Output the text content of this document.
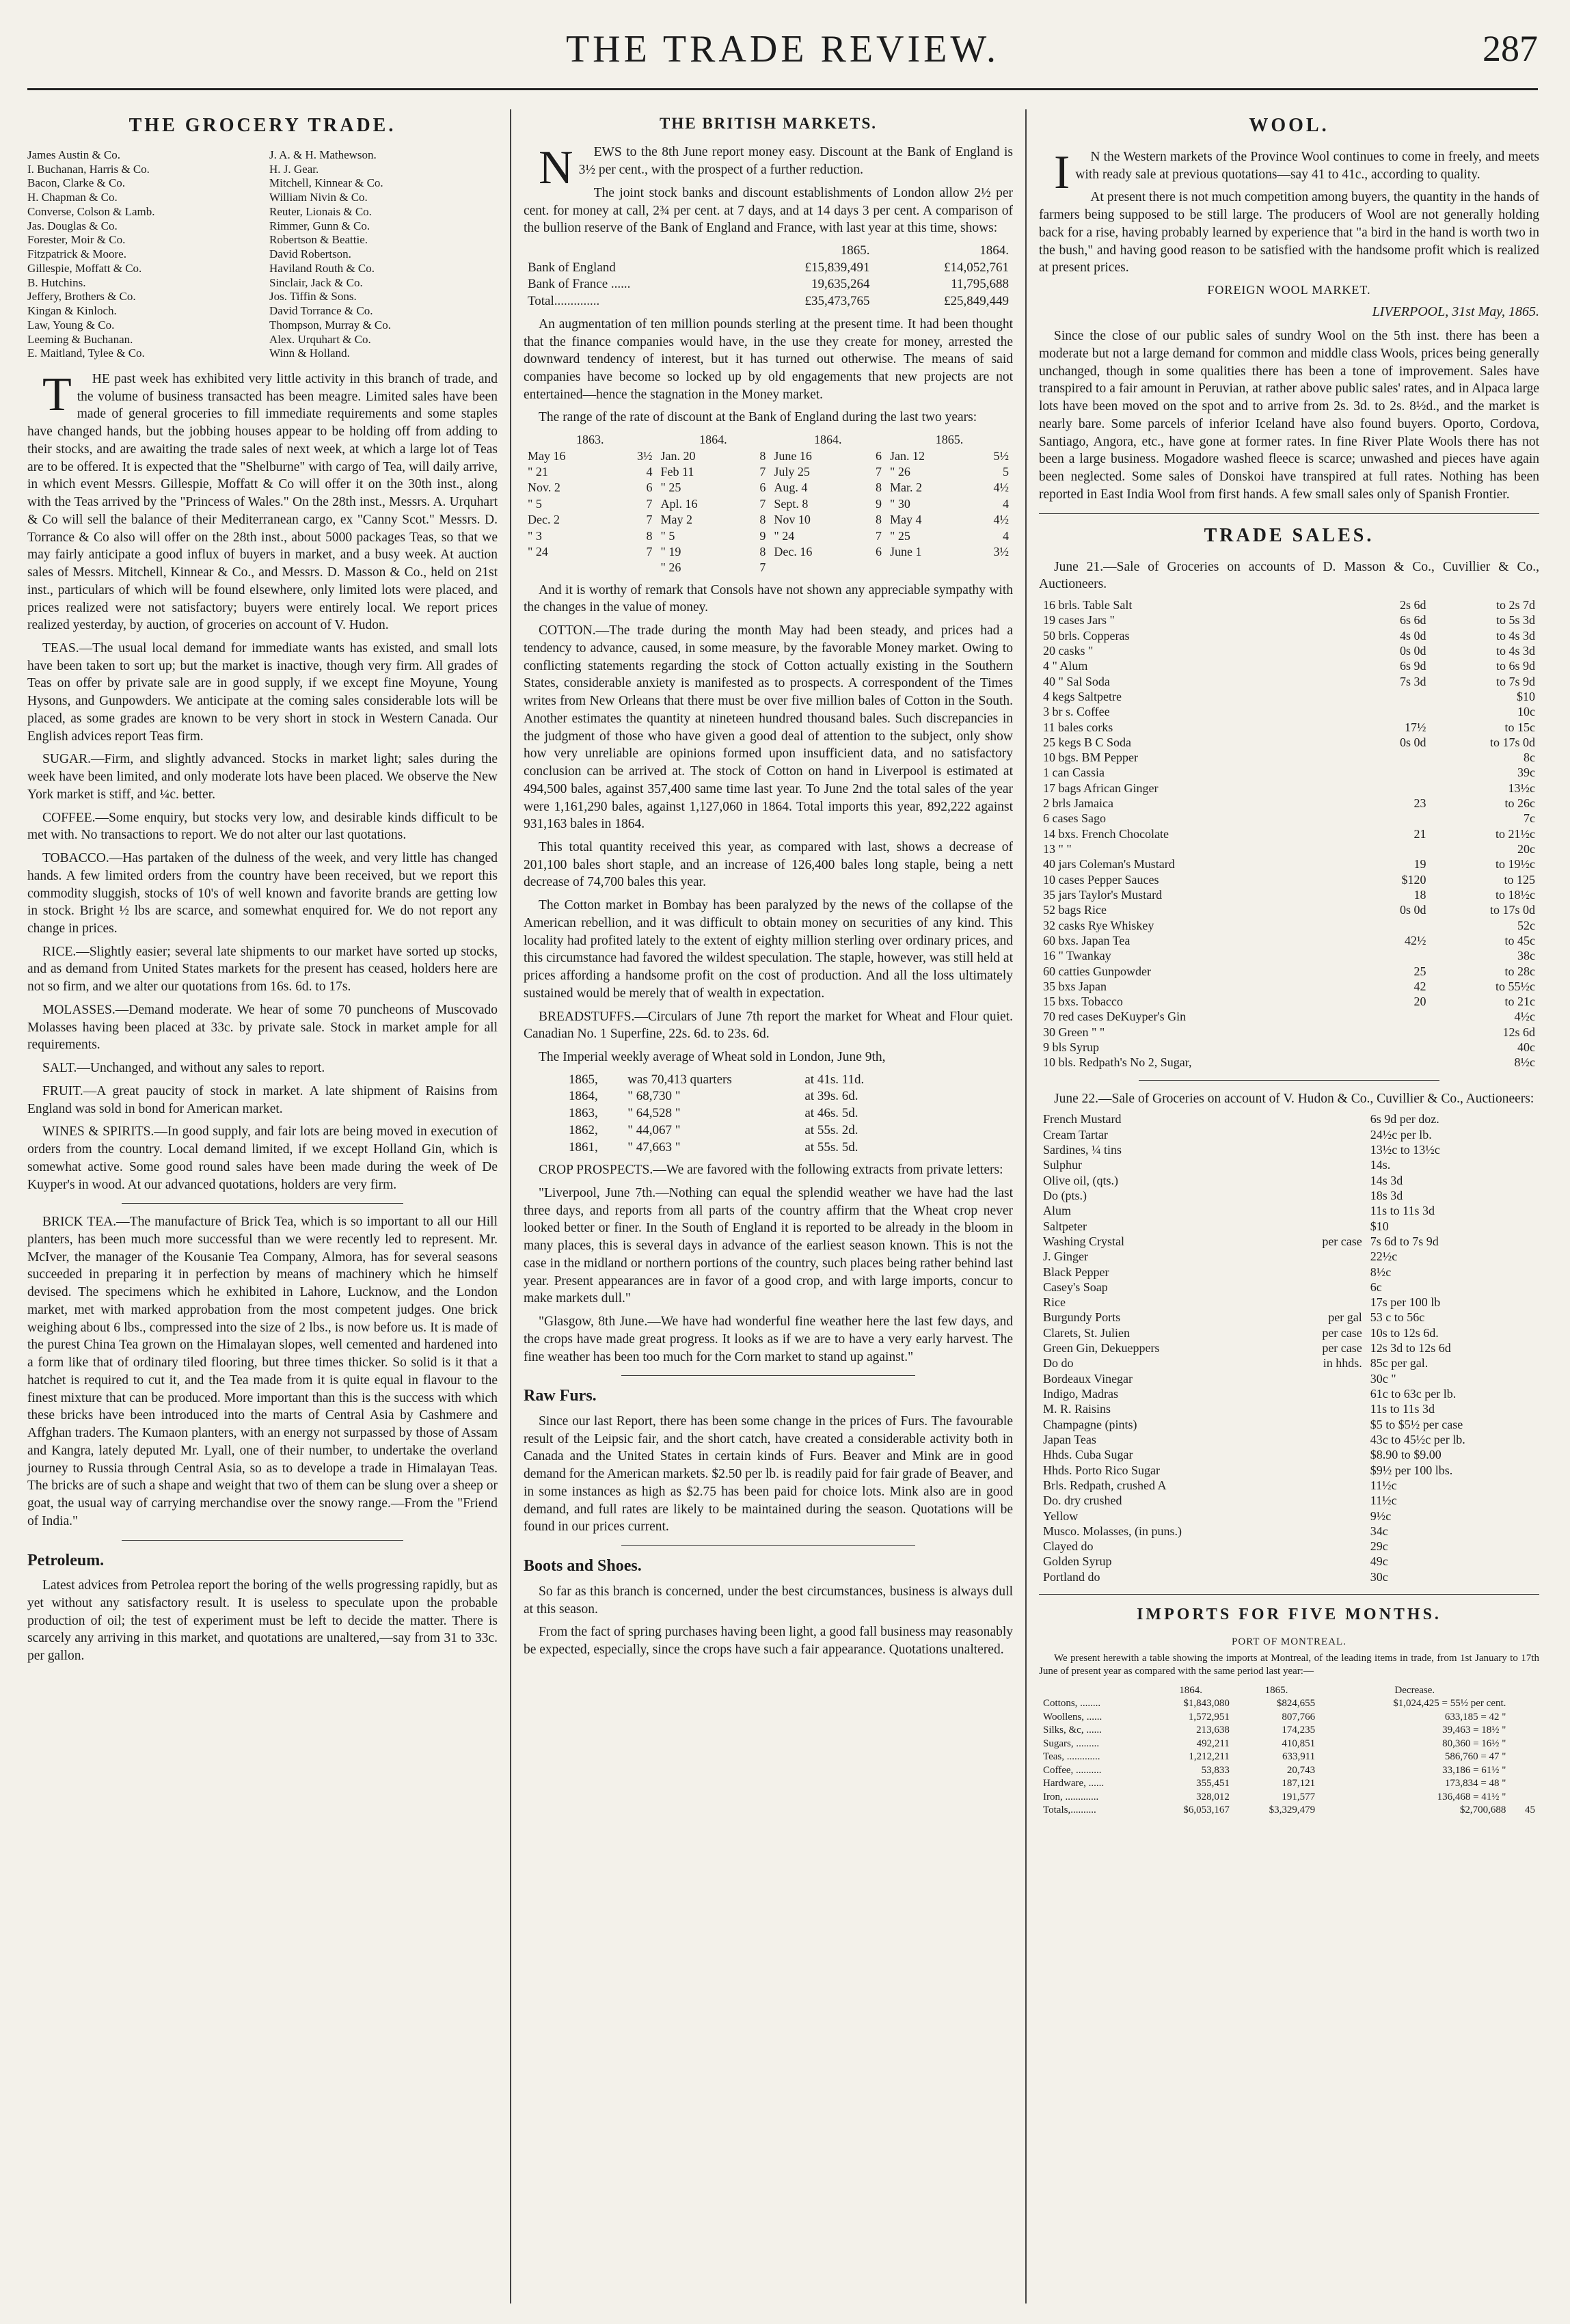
THE TRADE REVIEW.	287
THE GROCERY TRADE.
James Austin & Co.	J. A. & H. Mathewson.
I. Buchanan, Harris & Co.	H. J. Gear.
Bacon, Clarke & Co.	Mitchell, Kinnear & Co.
H. Chapman & Co.	William Nivin & Co.
Converse, Colson & Lamb.	Reuter, Lionais & Co.
Jas. Douglas & Co.	Rimmer, Gunn & Co.
Forester, Moir & Co.	Robertson & Beattie.
Fitzpatrick & Moore.	David Robertson.
Gillespie, Moffatt & Co.	Haviland Routh & Co.
B. Hutchins.	Sinclair, Jack & Co.
Jeffery, Brothers & Co.	Jos. Tiffin & Sons.
Kingan & Kinloch.	David Torrance & Co.
Law, Young & Co.	Thompson, Murray & Co.
Leeming & Buchanan.	Alex. Urquhart & Co.
E. Maitland, Tylee & Co.	Winn & Holland.

THE past week has exhibited very little activity in this branch of trade, and the volume of business transacted has been meagre. Limited sales have been made of general groceries to fill immediate requirements and some staples have changed hands, but the jobbing houses appear to be holding off from adding to their stocks, and are awaiting the trade sales of next week, at which a large lot of Teas are to be offered. It is expected that the "Shelburne" with cargo of Tea, will daily arrive, in which event Messrs. Gillespie, Moffatt & Co will offer it on the 30th inst., along with the Teas arrived by the "Princess of Wales." On the 28th inst., Messrs. A. Urquhart & Co will sell the balance of their Mediterranean cargo, ex "Canny Scot." Messrs. D. Torrance & Co also will offer on the 28th inst., about 5000 packages Teas, so that we may fairly anticipate a good influx of buyers in market, and a busy week. At auction sales of Messrs. Mitchell, Kinnear & Co., and Messrs. D. Masson & Co., held on 21st inst., particulars of which will be found elsewhere, only limited lots were placed, and prices realized were not satisfactory; buyers were entirely local. We report prices realized yesterday, by auction, of groceries on account of V. Hudon.

TEAS.—The usual local demand for immediate wants has existed, and small lots have been taken to sort up; but the market is inactive, though very firm. All grades of Teas on offer by private sale are in good supply, if we except fine Moyune, Young Hysons, and Gunpowders. We anticipate at the coming sales considerable lots will be placed, as some grades are known to be very short in stock in Western Canada. Our English advices report Teas firm.

SUGAR.—Firm, and slightly advanced. Stocks in market light; sales during the week have been limited, and only moderate lots have been placed. We observe the New York market is stiff, and ¼c. better.

COFFEE.—Some enquiry, but stocks very low, and desirable kinds difficult to be met with. No transactions to report. We do not alter our last quotations.

TOBACCO.—Has partaken of the dulness of the week, and very little has changed hands. A few limited orders from the country have been received, but we report this commodity sluggish, stocks of 10's of well known and favorite brands are getting low in stock. Bright ½ lbs are scarce, and somewhat enquired for. We do not report any change in prices.

RICE.—Slightly easier; several late shipments to our market have sorted up stocks, and as demand from United States markets for the present has ceased, holders here are not so firm, and we alter our quotations from 16s. 6d. to 17s.

MOLASSES.—Demand moderate. We hear of some 70 puncheons of Muscovado Molasses having been placed at 33c. by private sale. Stock in market ample for all requirements.

SALT.—Unchanged, and without any sales to report.

FRUIT.—A great paucity of stock in market. A late shipment of Raisins from England was sold in bond for American market.

WINES & SPIRITS.—In good supply, and fair lots are being moved in execution of orders from the country. Local demand limited, if we except Holland Gin, which is somewhat active. Some good round sales have been made during the week of De Kuyper's in wood. At our advanced quotations, holders are very firm.

BRICK TEA.—The manufacture of Brick Tea, which is so important to all our Hill planters, has been much more successful than we were recently led to represent. Mr. McIver, the manager of the Kousanie Tea Company, Almora, has for several seasons succeeded in preparing it in perfection by means of machinery which he himself devised. The specimens which he exhibited in Lahore, Lucknow, and the London market, met with marked approbation from the most competent judges. One brick weighing about 6 lbs., compressed into the size of 2 lbs., is now before us. It is made of the purest China Tea grown on the Himalayan slopes, well cemented and hardened into a form like that of ordinary tiled flooring, but three times thicker. So solid is it that a hatchet is required to cut it, and the Tea made from it is quite equal in flavour to the finest mixture that can be produced. More important than this is the success with which these bricks have been introduced into the marts of Central Asia by Cashmere and Affghan traders. The Kumaon planters, with an energy not surpassed by those of Assam and Kangra, lately deputed Mr. Lyall, one of their number, to undertake the overland journey to Russia through Central Asia, so as to develope a trade in Himalayan Teas. The bricks are of such a shape and weight that two of them can be slung over a sheep or goat, the usual way of carrying merchandise over the snowy range.—From the "Friend of India."

Petroleum.

Latest advices from Petrolea report the boring of the wells progressing rapidly, but as yet without any satisfactory result. It is useless to speculate upon the probable production of oil; the test of experiment must be left to decide the matter. There is scarcely any arriving in this market, and quotations are unaltered,—say from 31 to 33c. per gallon.

THE BRITISH MARKETS.

NEWS to the 8th June report money easy. Discount at the Bank of England is 3½ per cent., with the prospect of a further reduction.

The joint stock banks and discount establishments of London allow 2½ per cent. for money at call, 2¾ per cent. at 7 days, and at 14 days 3 per cent. A comparison of the bullion reserve of the Bank of England and France, with last year at this time, shows:

	1865.	1864.
Bank of England	£15,839,491	£14,052,761
Bank of France ......	19,635,264	11,795,688
Total..............	£35,473,765	£25,849,449

An augmentation of ten million pounds sterling at the present time. It had been thought that the finance companies would have, in the use they create for money, arrested the downward tendency of interest, but it has turned out otherwise. The means of said companies have become so locked up by old engagements that new projects are not entertained—hence the stagnation in the Money market.

The range of the rate of discount at the Bank of England during the last two years:

1863.		1864.		1864.		1865.	
May 16	3½	Jan. 20	8	June 16	6	Jan. 12	5½
" 21	4	Feb 11	7	July 25	7	" 26	5
Nov. 2	6	" 25	6	Aug. 4	8	Mar. 2	4½
" 5	7	Apl. 16	7	Sept. 8	9	" 30	4
Dec. 2	7	May 2	8	Nov 10	8	May 4	4½
" 3	8	" 5	9	" 24	7	" 25	4
" 24	7	" 19	8	Dec. 16	6	June 1	3½
		" 26	7				

And it is worthy of remark that Consols have not shown any appreciable sympathy with the changes in the value of money.

COTTON.—The trade during the month May had been steady, and prices had a tendency to advance, caused, in some measure, by the favorable Money market. Owing to conflicting statements regarding the stock of Cotton actually existing in the Southern States, considerable anxiety is manifested as to prospects. A correspondent of the Times writes from New Orleans that there must be over five million bales of Cotton in the South. Another estimates the quantity at nineteen hundred thousand bales. Such discrepancies in the judgment of those who have given a good deal of attention to the subject, only show how very unreliable are opinions formed upon insufficient data, and no satisfactory conclusion can be arrived at. The stock of Cotton on hand in Liverpool is estimated at 494,500 bales, against 357,400 same time last year. To June 2nd the total sales of the year were 1,161,290 bales, against 1,127,060 in 1864. Total imports this year, 892,222 against 931,163 bales in 1864.

This total quantity received this year, as compared with last, shows a decrease of 201,100 bales short staple, and an increase of 126,400 bales long staple, being a nett decrease of 74,700 bales this year.

The Cotton market in Bombay has been paralyzed by the news of the collapse of the American rebellion, and it was difficult to obtain money on securities of any kind. This locality had profited lately to the extent of eighty million sterling over ordinary prices, and this circumstance had favored the wildest speculation. The staple, however, was still held at prices affording a handsome profit on the cost of production. And all the loss ultimately sustained would be merely that of wealth in expectation.

BREADSTUFFS.—Circulars of June 7th report the market for Wheat and Flour quiet. Canadian No. 1 Superfine, 22s. 6d. to 23s. 6d.

The Imperial weekly average of Wheat sold in London, June 9th,

1865,	was 70,413 quarters	at 41s. 11d.
1864,	" 68,730 "	at 39s. 6d.
1863,	" 64,528 "	at 46s. 5d.
1862,	" 44,067 "	at 55s. 2d.
1861,	" 47,663 "	at 55s. 5d.

CROP PROSPECTS.—We are favored with the following extracts from private letters:

"Liverpool, June 7th.—Nothing can equal the splendid weather we have had the last three days, and reports from all parts of the country affirm that the Wheat crop never looked better or finer. In the South of England it is reported to be already in the bloom in many places, this is several days in advance of the earliest season known. This is not the case in the midland or northern portions of the country, such places being rather behind last year. Present appearances are in favor of a good crop, and with large imports, concur to make markets dull."

"Glasgow, 8th June.—We have had wonderful fine weather here the last few days, and the crops have made great progress. It looks as if we are to have a very early harvest. The fine weather has been too much for the Corn market to stand up against."

Raw Furs.

Since our last Report, there has been some change in the prices of Furs. The favourable result of the Leipsic fair, and the short catch, have created a considerable activity both in Canada and the United States in certain kinds of Furs. Beaver and Mink are in good demand for the American markets. $2.50 per lb. is readily paid for fair grade of Beaver, and in some instances as high as $2.75 has been paid for choice lots. Mink also are in good demand, and full rates are likely to be maintained during the season. Quotations will be found in our prices current.

Boots and Shoes.

So far as this branch is concerned, under the best circumstances, business is always dull at this season.

From the fact of spring purchases having been light, a good fall business may reasonably be expected, especially, since the crops have such a fair appearance. Quotations unaltered.

WOOL.

IN the Western markets of the Province Wool continues to come in freely, and meets with ready sale at previous quotations—say 41 to 41c., according to quality.

At present there is not much competition among buyers, the quantity in the hands of farmers being supposed to be still large. The producers of Wool are not generally holding back for a rise, having probably learned by experience that "a bird in the hand is worth two in the bush," and having good reason to be satisfied with the handsome profit which is realized at present prices.

FOREIGN WOOL MARKET.
LIVERPOOL, 31st May, 1865.

Since the close of our public sales of sundry Wool on the 5th inst. there has been a moderate but not a large demand for common and middle class Wools, prices being generally unchanged, though in some qualities there has been a tone of improvement. Sales have transpired to a fair amount in Peruvian, at rather above public sales' rates, and in Alpaca large lots have been moved on the spot and to arrive from 2s. 3d. to 2s. 8½d., and the market is nearly bare. Some parcels of inferior Iceland have also found buyers. Oporto, Cordova, Santiago, Angora, etc., have gone at former rates. In fine River Plate Wools there has not been a large business. Mogadore washed fleece is scarce; unwashed and pieces have again been neglected. Some sales of Donskoi have transpired at full rates. Nothing has been reported in East India Wool from first hands. A few small sales only of Spanish Frontier.

TRADE SALES.

June 21.—Sale of Groceries on accounts of D. Masson & Co., Cuvillier & Co., Auctioneers.

16 brls. Table Salt	2s 6d	to 2s 7d
19 cases Jars "	6s 6d	to 5s 3d
50 brls. Copperas	4s 0d	to 4s 3d
20 casks "	0s 0d	to 4s 3d
4 " Alum	6s 9d	to 6s 9d
40 " Sal Soda	7s 3d	to 7s 9d
4 kegs Saltpetre		$10
3 br s. Coffee		10c
11 bales corks	17½	to 15c
25 kegs B C Soda	0s 0d	to 17s 0d
10 bgs. BM Pepper		8c
1 can Cassia		39c
17 bags African Ginger		13½c
2 brls Jamaica	23	to 26c
6 cases Sago		7c
14 bxs. French Chocolate	21	to 21½c
13 " "		20c
40 jars Coleman's Mustard	19	to 19½c
10 cases Pepper Sauces	$120	to 125
35 jars Taylor's Mustard	18	to 18½c
52 bags Rice	0s 0d	to 17s 0d
32 casks Rye Whiskey		52c
60 bxs. Japan Tea	42½	to 45c
16 " Twankay		38c
60 catties Gunpowder	25	to 28c
35 bxs Japan	42	to 55½c
15 bxs. Tobacco	20	to 21c
70 red cases DeKuyper's Gin		4½c
30 Green " "		12s 6d
9 bls Syrup		40c
10 bls. Redpath's No 2, Sugar,		8½c

June 22.—Sale of Groceries on account of V. Hudon & Co., Cuvillier & Co., Auctioneers:

French Mustard		6s 9d per doz.
Cream Tartar		24½c per lb.
Sardines, ¼ tins		13½c to 13½c
Sulphur		14s.
Olive oil, (qts.)		14s 3d
Do (pts.)		18s 3d
Alum		11s to 11s 3d
Saltpeter		$10
Washing Crystal	per case	7s 6d to 7s 9d
J. Ginger		22½c
Black Pepper		8½c
Casey's Soap		6c
Rice		17s per 100 lb
Burgundy Ports	per gal	53 c to 56c
Clarets, St. Julien	per case	10s to 12s 6d.
Green Gin, Dekueppers	per case	12s 3d to 12s 6d
Do do	in hhds.	85c per gal.
Bordeaux Vinegar		30c "
Indigo, Madras		61c to 63c per lb.
M. R. Raisins		11s to 11s 3d
Champagne (pints)		$5 to $5½ per case
Japan Teas		43c to 45½c per lb.
Hhds. Cuba Sugar		$8.90 to $9.00
Hhds. Porto Rico Sugar		$9½ per 100 lbs.
Brls. Redpath, crushed A		11½c
Do. dry crushed		11½c
Yellow		9½c
Musco. Molasses, (in puns.)		34c
Clayed do		29c
Golden Syrup		49c
Portland do		30c
IMPORTS FOR FIVE MONTHS.
PORT OF MONTREAL.

We present herewith a table showing the imports at Montreal, of the leading items in trade, from 1st January to 17th June of present year as compared with the same period last year:—

	1864.	1865.	Decrease.	
Cottons, ........	$1,843,080	$824,655	$1,024,425 = 55½ per cent.	
Woollens, ......	1,572,951	807,766	633,185 = 42 "	
Silks, &c, ......	213,638	174,235	39,463 = 18½ "	
Sugars, .........	492,211	410,851	80,360 = 16½ "	
Teas, .............	1,212,211	633,911	586,760 = 47 "	
Coffee, ..........	53,833	20,743	33,186 = 61½ "	
Hardware, ......	355,451	187,121	173,834 = 48 "	
Iron, .............	328,012	191,577	136,468 = 41½ "	
Totals,..........	$6,053,167	$3,329,479	$2,700,688	45
